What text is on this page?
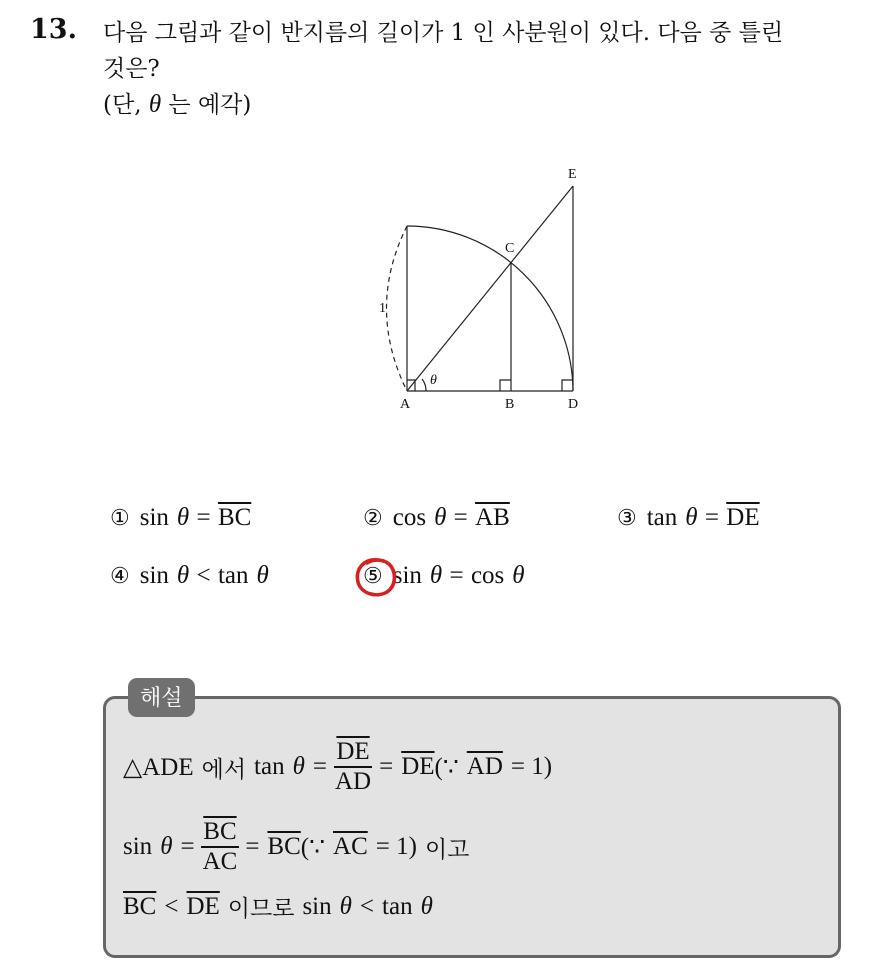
13. 다음 그림과 같이 반지름의 길이가 1 인 사분원이 있다. 다음 중 틀린
것은?
(단, θ 는 예각)
A	B	D
C
E
1
θ
① $\sin \theta = \overline{BC}$	② $\cos \theta = \overline{AB}$	③ $\tan \theta = \overline{DE}$
④ sin θ < tan θ	⑤ sin θ = cos θ
해설
△ADE 에서 $\tan \theta = \frac{\overline{DE}}{AD} = \overline{DE}$ (∵ $\overline{AD} = 1$)
$\sin \theta = \frac{\overline{BC}}{AC} = \overline{BC}$ (∵ $\overline{AC} = 1$) 이고
$\overline{BC} < \overline{DE}$ 이므로 sin θ < tan θ
